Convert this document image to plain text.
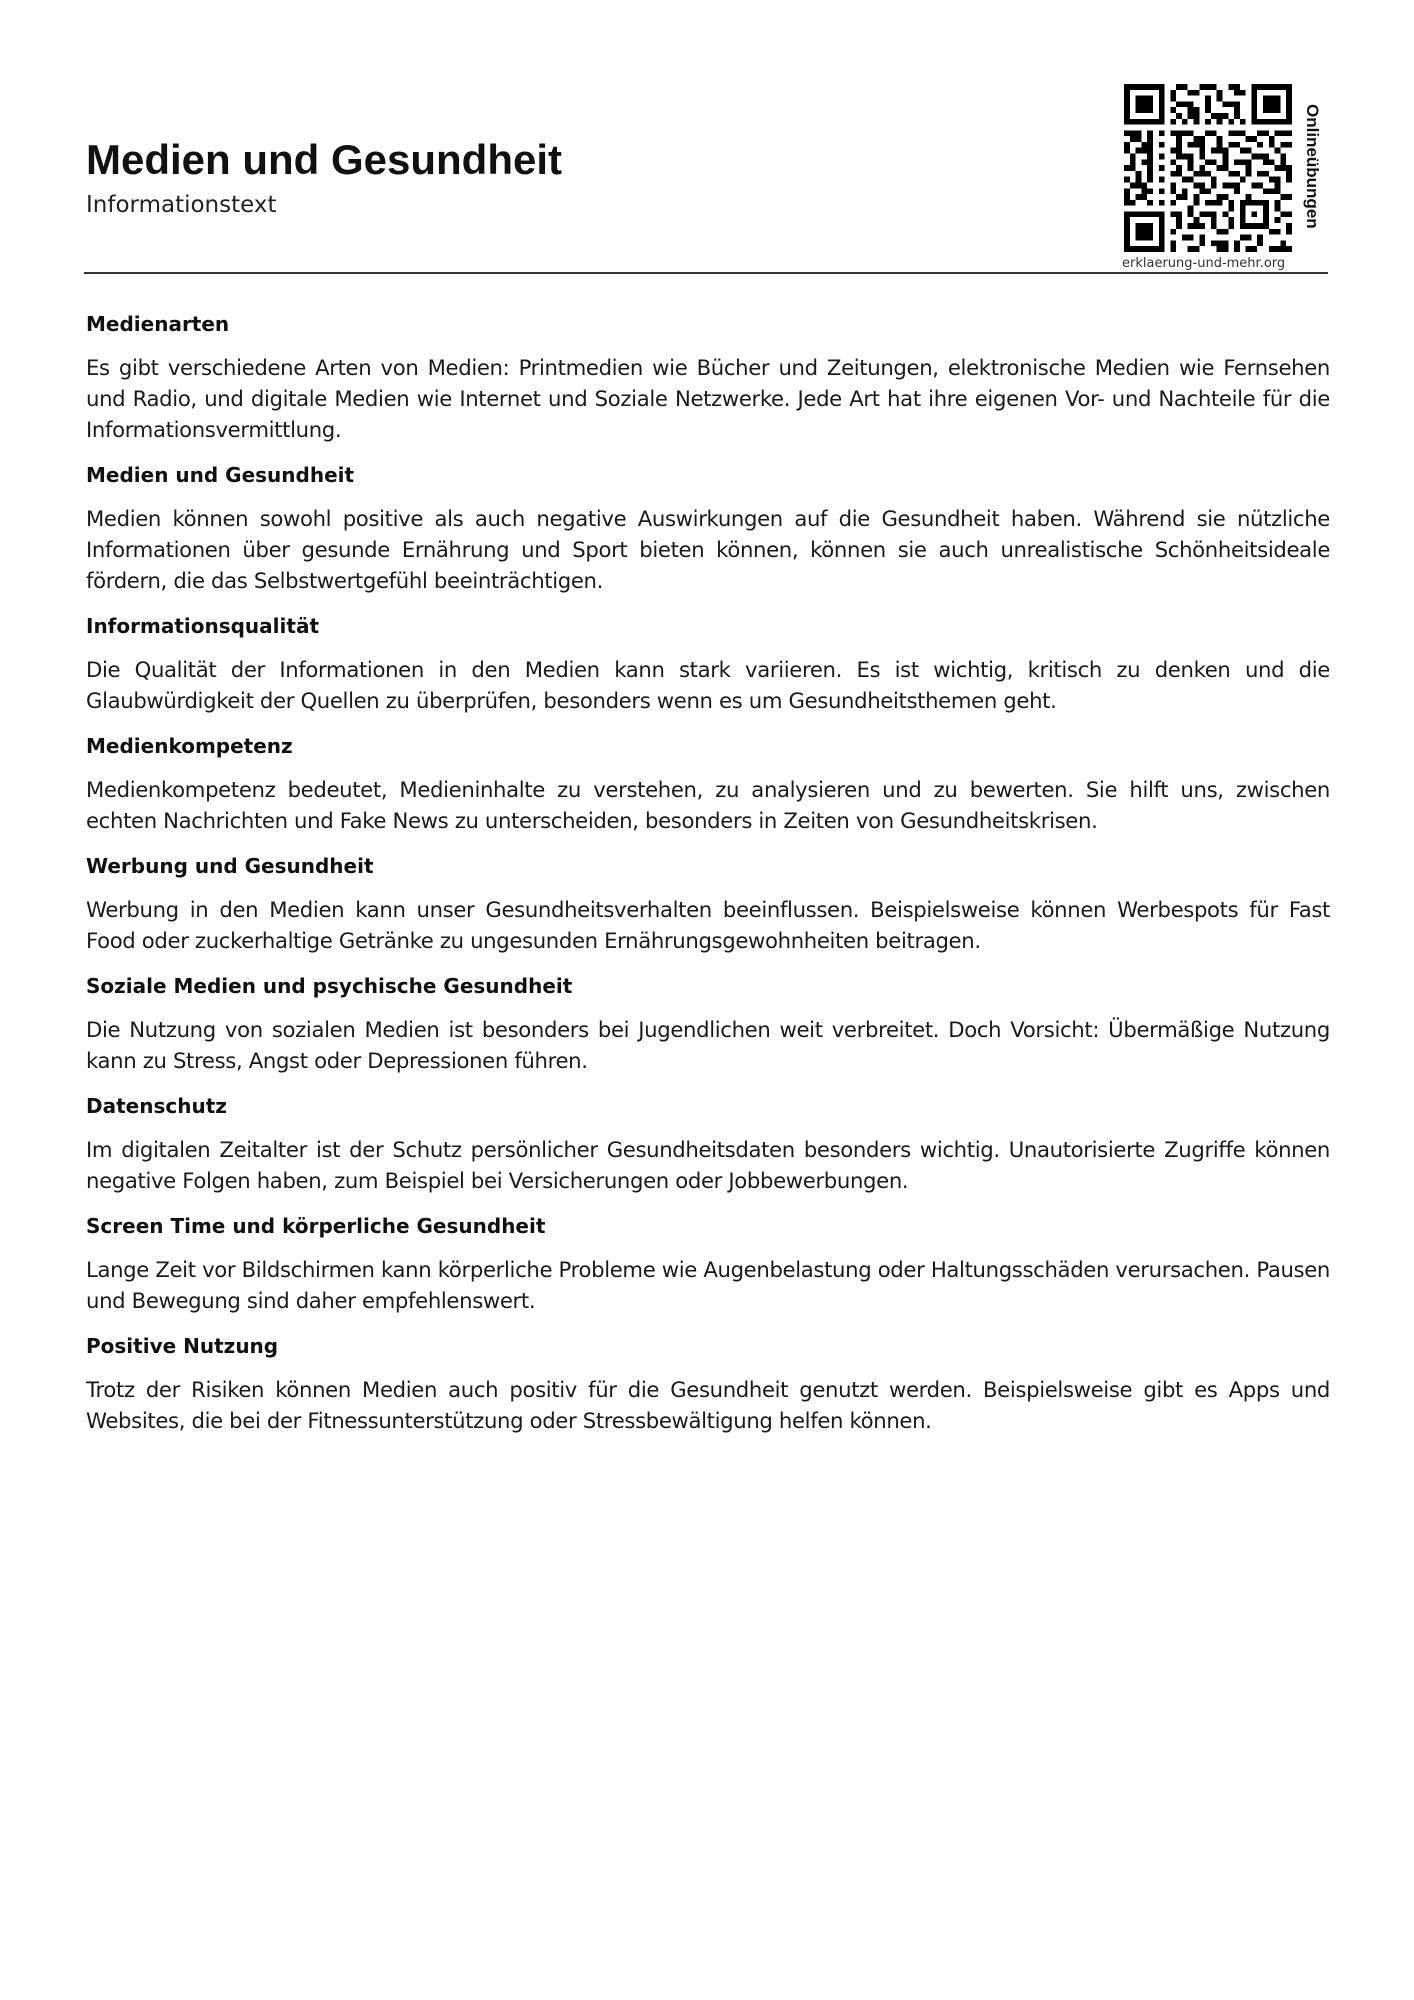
Medien und Gesundheit
Informationstext	Onlineübungen
erklaerung-und-mehr.org
Medienarten

Es gibt verschiedene Arten von Medien: Printmedien wie Bücher und Zeitungen, elektronische Medien wie Fernsehen und Radio, und digitale Medien wie Internet und Soziale Netzwerke. Jede Art hat ihre eigenen Vor- und Nachteile für die Informationsvermittlung.

Medien und Gesundheit

Medien können sowohl positive als auch negative Auswirkungen auf die Gesundheit haben. Während sie nützliche Informationen über gesunde Ernährung und Sport bieten können, können sie auch unrealistische Schönheitsideale fördern, die das Selbstwertgefühl beeinträchtigen.

Informationsqualität

Die Qualität der Informationen in den Medien kann stark variieren. Es ist wichtig, kritisch zu denken und die Glaubwürdigkeit der Quellen zu überprüfen, besonders wenn es um Gesundheitsthemen geht.

Medienkompetenz

Medienkompetenz bedeutet, Medieninhalte zu verstehen, zu analysieren und zu bewerten. Sie hilft uns, zwischen echten Nachrichten und Fake News zu unterscheiden, besonders in Zeiten von Gesundheitskrisen.

Werbung und Gesundheit

Werbung in den Medien kann unser Gesundheitsverhalten beeinflussen. Beispielsweise können Werbespots für Fast Food oder zuckerhaltige Getränke zu ungesunden Ernährungsgewohnheiten beitragen.

Soziale Medien und psychische Gesundheit

Die Nutzung von sozialen Medien ist besonders bei Jugendlichen weit verbreitet. Doch Vorsicht: Übermäßige Nutzung kann zu Stress, Angst oder Depressionen führen.

Datenschutz

Im digitalen Zeitalter ist der Schutz persönlicher Gesundheitsdaten besonders wichtig. Unautorisierte Zugriffe können negative Folgen haben, zum Beispiel bei Versicherungen oder Jobbewerbungen.

Screen Time und körperliche Gesundheit

Lange Zeit vor Bildschirmen kann körperliche Probleme wie Augenbelastung oder Haltungsschäden verursachen. Pausen und Bewegung sind daher empfehlenswert.

Positive Nutzung

Trotz der Risiken können Medien auch positiv für die Gesundheit genutzt werden. Beispielsweise gibt es Apps und Websites, die bei der Fitnessunterstützung oder Stressbewältigung helfen können.
